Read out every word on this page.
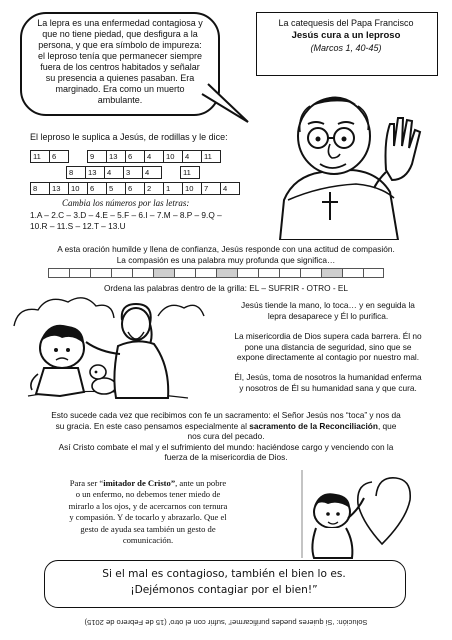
La lepra es una enfermedad contagiosa y
que no tiene piedad, que desfigura a la
persona, y que era símbolo de impureza:
el leproso tenía que permanecer siempre
fuera de los centros habitados y señalar
su presencia a quienes pasaban. Era
marginado. Era como un muerto
ambulante.
La catequesis del Papa Francisco
Jesús cura a un leproso
(Marcos 1, 40-45)
El leproso le suplica a Jesús, de rodillas y le dice:
11	6		9	13	6	4	10	4	11
		8	13	4	3	4		11
8	13	10	6	5	6	2	1	10	7	4
Cambia los números por las letras:
1.A – 2.C – 3.D – 4.E – 5.F – 6.I – 7.M – 8.P – 9.Q –
10.R – 11.S – 12.T – 13.U
A esta oración humilde y llena de confianza, Jesús responde con una actitud de compasión.
La compasión es una palabra muy profunda que significa…
Ordena las palabras dentro de la grilla: EL – SUFRIR - OTRO - EL
Jesús tiende la mano, lo toca… y en seguida la
lepra desaparece y Él lo purifica.
La misericordia de Dios supera cada barrera. Él no
pone una distancia de seguridad, sino que se
expone directamente al contagio por nuestro mal.
Él, Jesús, toma de nosotros la humanidad enferma
y nosotros de Él su humanidad sana y que cura.
Esto sucede cada vez que recibimos con fe un sacramento: el Señor Jesús nos “toca” y nos da
su gracia. En este caso pensamos especialmente al sacramento de la Reconciliación, que
nos cura del pecado.
Así Cristo combate el mal y el sufrimiento del mundo: haciéndose cargo y venciendo con la
fuerza de la misericordia de Dios.
Para ser “imitador de Cristo”, ante un pobre
o un enfermo, no debemos tener miedo de
mirarlo a los ojos, y de acercarnos con ternura
y compasión. Y de tocarlo y abrazarlo. Que el
gesto de ayuda sea también un gesto de
comunicación.
Si el mal es contagioso, también el bien lo es.
¡Dejémonos contagiar por el bien!”
Solución: ‘Si quieres puedes purificarme!’ ‘sufrir con el otro’ (15 de Febrero de 2015)
